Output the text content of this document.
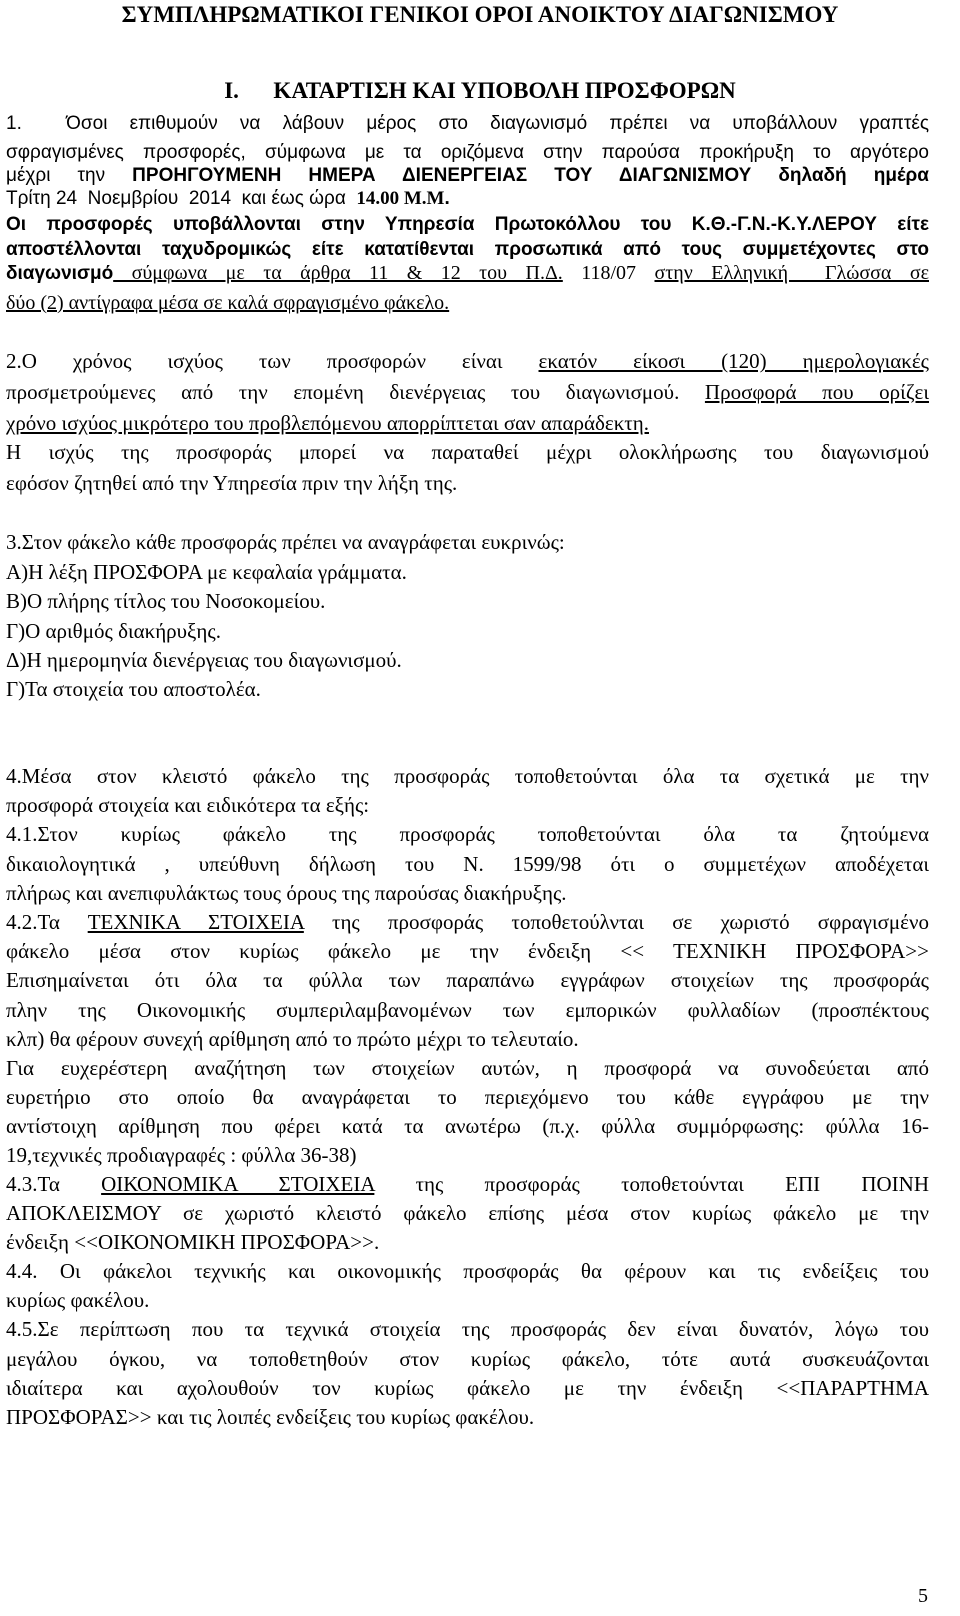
ΣΥΜΠΛΗΡΩΜΑΤΙΚΟΙ ΓΕΝΙΚΟΙ ΟΡΟΙ ΑΝΟΙΚΤΟΥ ΔΙΑΓΩΝΙΣΜΟΥ
Ι.      ΚΑΤΑΡΤΙΣΗ ΚΑΙ ΥΠΟΒΟΛΗ ΠΡΟΣΦΟΡΩΝ
1.  Όσοι επιθυμούν να λάβουν μέρος στο διαγωνισμό πρέπει να υποβάλλουν γραπτές
σφραγισμένες προσφορές, σύμφωνα με τα οριζόμενα στην παρούσα προκήρυξη το αργότερο
μέχρι την ΠΡΟΗΓΟΥΜΕΝΗ ΗΜΕΡΑ ΔΙΕΝΕΡΓΕΙΑΣ ΤΟΥ ΔΙΑΓΩΝΙΣΜΟΥ δηλαδή ημέρα
Τρίτη 24  Νοεμβρίου  2014  και έως ώρα  14.00 Μ.Μ.
Οι προσφορές υποβάλλονται στην Υπηρεσία Πρωτοκόλλου του Κ.Θ.-Γ.Ν.-Κ.Υ.ΛΕΡΟΥ είτε
αποστέλλονται ταχυδρομικώς είτε κατατίθενται προσωπικά από τους συμμετέχοντες στο
διαγωνισμό σύμφωνα με τα άρθρα 11 & 12 του Π.Δ. 118/07 στην Ελληνική  Γλώσσα σε
δύο (2) αντίγραφα μέσα σε καλά σφραγισμένο φάκελο.
2.Ο χρόνος ισχύος των προσφορών είναι εκατόν είκοσι (120) ημερολογιακές
προσμετρούμενες από την επομένη διενέργειας του διαγωνισμού. Προσφορά που ορίζει
χρόνο ισχύος μικρότερο του προβλεπόμενου απορρίπτεται σαν απαράδεκτη.
Η ισχύς της προσφοράς μπορεί να παραταθεί μέχρι ολοκλήρωσης του διαγωνισμού
εφόσον ζητηθεί από την Υπηρεσία πριν την λήξη της.
3.Στον φάκελο κάθε προσφοράς πρέπει να αναγράφεται ευκρινώς:
Α)Η λέξη ΠΡΟΣΦΟΡΑ με κεφαλαία γράμματα.
Β)Ο πλήρης τίτλος του Νοσοκομείου.
Γ)Ο αριθμός διακήρυξης.
Δ)Η ημερομηνία διενέργειας του διαγωνισμού.
Γ)Τα στοιχεία του αποστολέα.
4.Μέσα στον κλειστό φάκελο της προσφοράς τοποθετούνται όλα τα σχετικά με την
προσφορά στοιχεία και ειδικότερα τα εξής:
4.1.Στον κυρίως φάκελο της προσφοράς τοποθετούνται όλα τα ζητούμενα
δικαιολογητικά , υπεύθυνη δήλωση του Ν. 1599/98 ότι ο συμμετέχων αποδέχεται
πλήρως και ανεπιφυλάκτως τους όρους της παρούσας διακήρυξης.
4.2.Τα ΤΕΧΝΙΚΑ ΣΤΟΙΧΕΙΑ της προσφοράς τοποθετούλνται σε χωριστό σφραγισμένο
φάκελο μέσα στον κυρίως φάκελο με την ένδειξη << ΤΕΧΝΙΚΗ ΠΡΟΣΦΟΡΑ>>
Επισημαίνεται ότι όλα τα φύλλα των παραπάνω εγγράφων στοιχείων της προσφοράς
πλην της Οικονομικής συμπεριλαμβανομένων των εμπορικών φυλλαδίων (προσπέκτους
κλπ) θα φέρουν συνεχή αρίθμηση από το πρώτο μέχρι το τελευταίο.
Για ευχερέστερη αναζήτηση των στοιχείων αυτών, η προσφορά να συνοδεύεται από
ευρετήριο στο οποίο θα αναγράφεται το περιεχόμενο του κάθε εγγράφου με την
αντίστοιχη αρίθμηση που φέρει κατά τα ανωτέρω (π.χ. φύλλα συμμόρφωσης: φύλλα 16-
19,τεχνικές προδιαγραφές : φύλλα 36-38)
4.3.Τα ΟΙΚΟΝΟΜΙΚΑ ΣΤΟΙΧΕΙΑ της προσφοράς τοποθετούνται ΕΠΙ ΠΟΙΝΗ
ΑΠΟΚΛΕΙΣΜΟΥ σε χωριστό κλειστό φάκελο επίσης μέσα στον κυρίως φάκελο με την
ένδειξη <<ΟΙΚΟΝΟΜΙΚΗ ΠΡΟΣΦΟΡΑ>>.
4.4. Οι φάκελοι τεχνικής και οικονομικής προσφοράς θα φέρουν και τις ενδείξεις του
κυρίως φακέλου.
4.5.Σε περίπτωση που τα τεχνικά στοιχεία της προσφοράς δεν είναι δυνατόν, λόγω του
μεγάλου όγκου, να τοποθετηθούν στον κυρίως φάκελο, τότε αυτά συσκευάζονται
ιδιαίτερα και αχολουθούν τον κυρίως φάκελο με την ένδειξη <<ΠΑΡΑΡΤΗΜΑ
ΠΡΟΣΦΟΡΑΣ>> και τις λοιπές ενδείξεις του κυρίως φακέλου.
5
